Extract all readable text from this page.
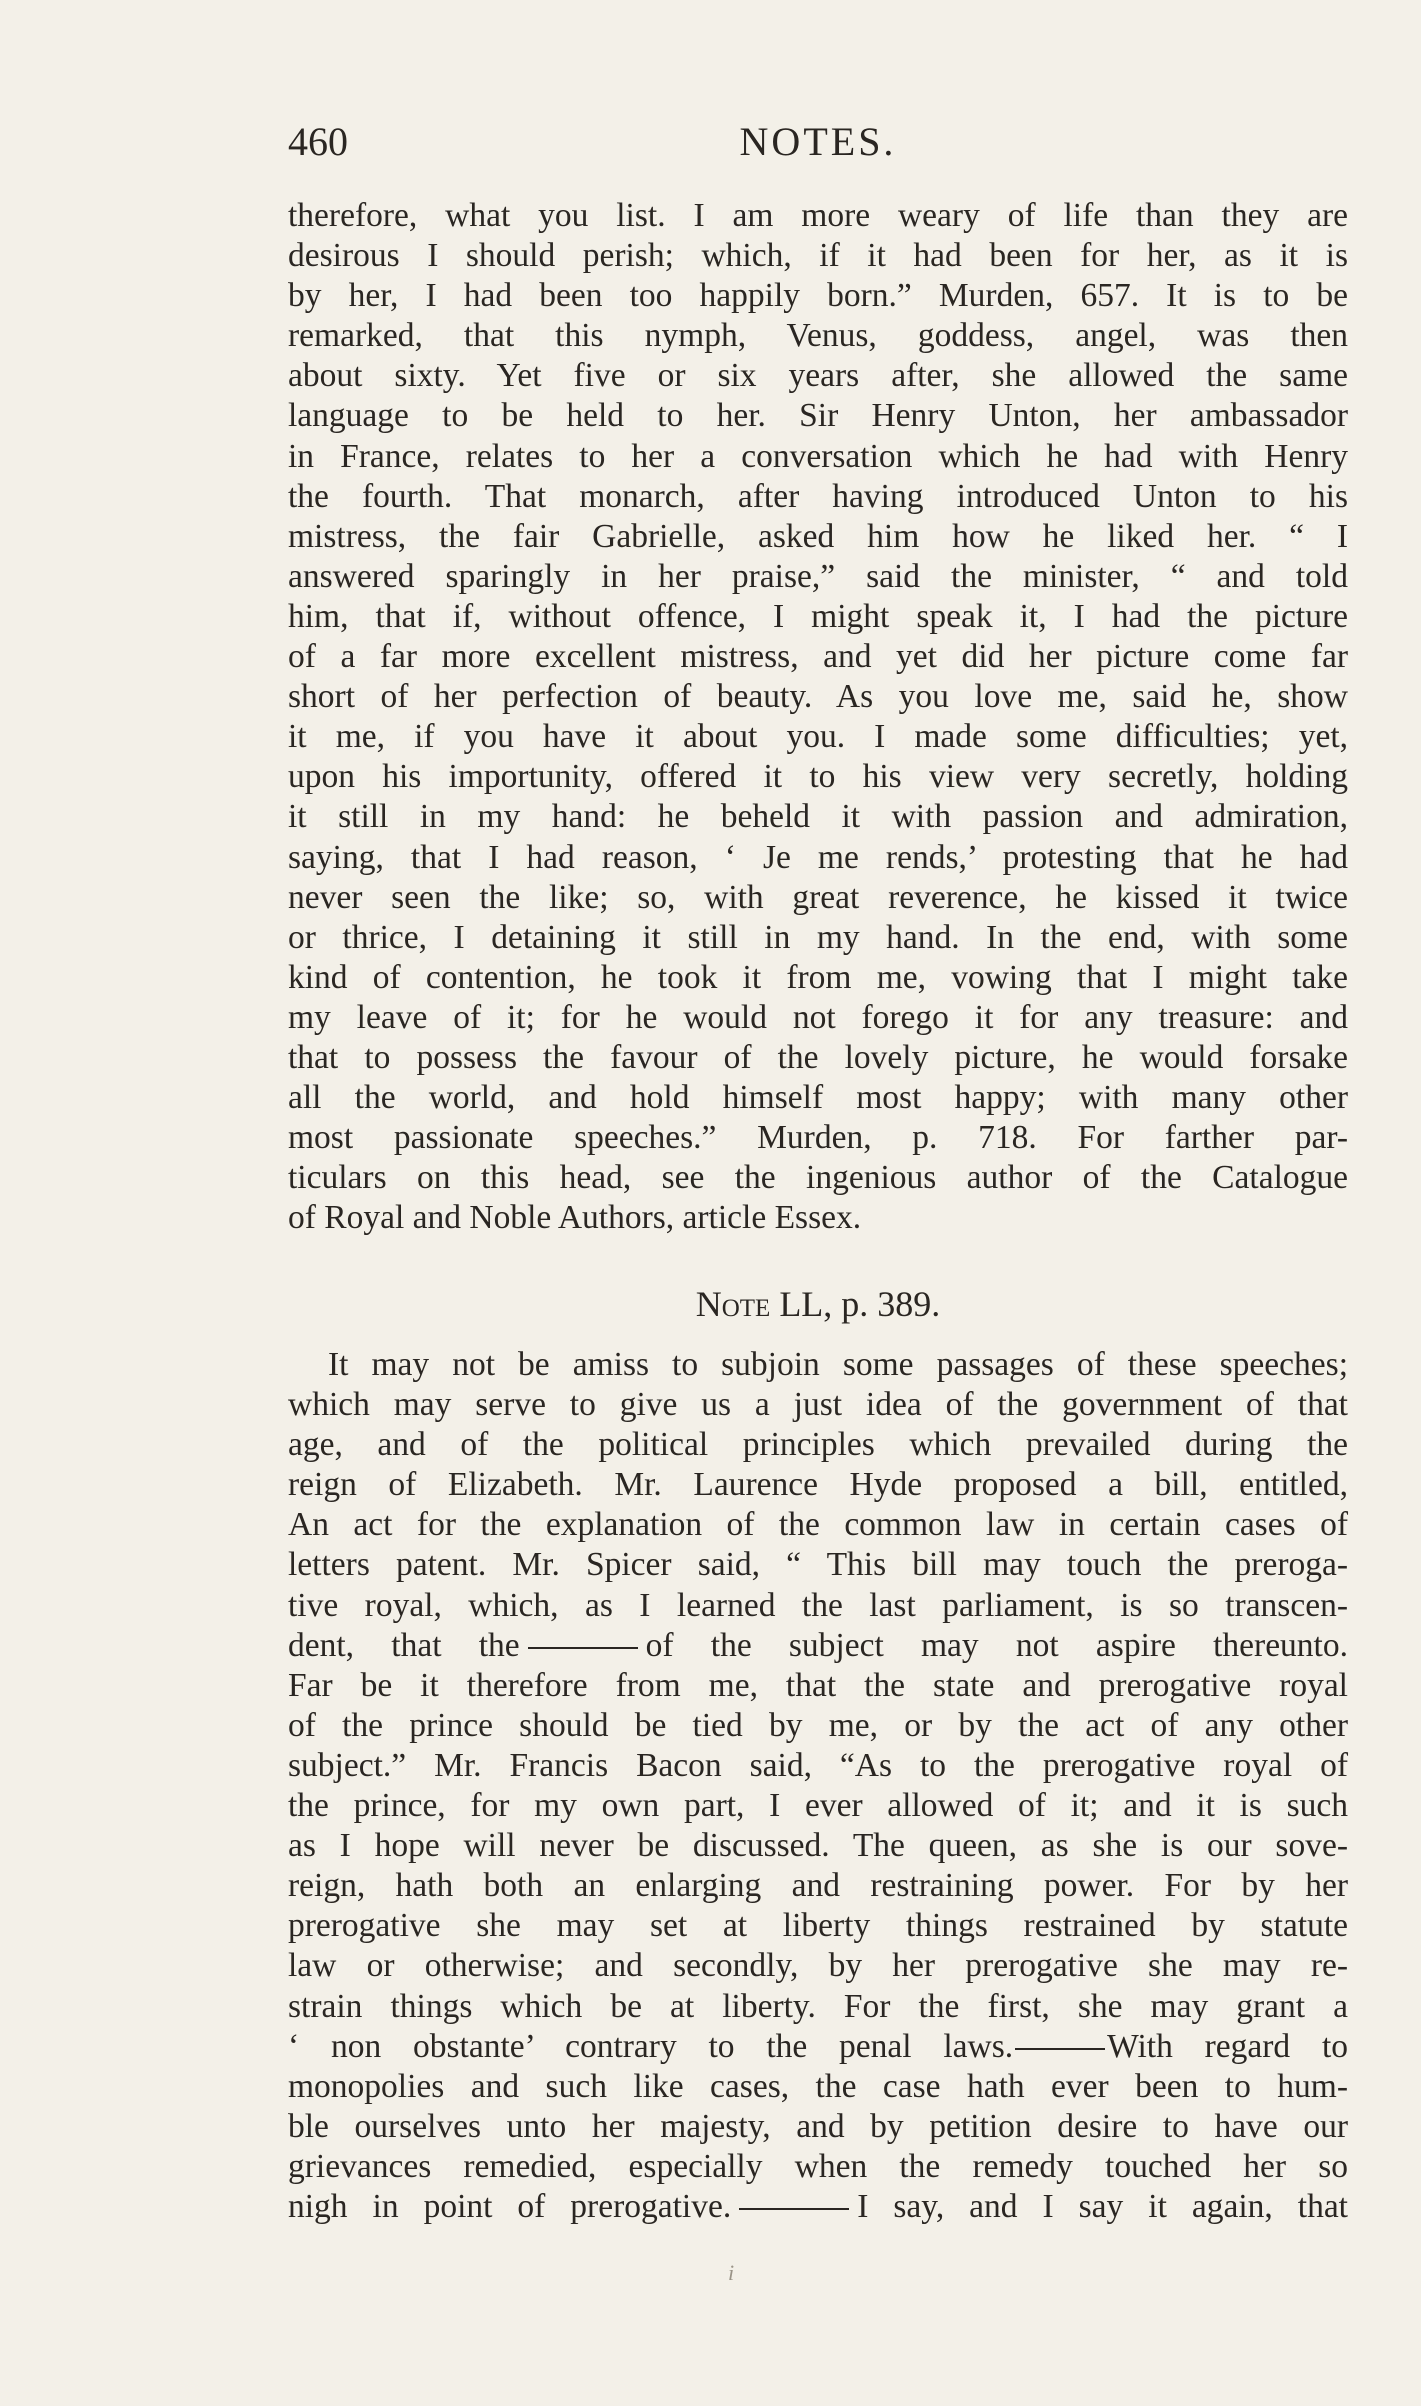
460	NOTES.
therefore, what you list. I am more weary of life than they are
desirous I should perish; which, if it had been for her, as it is
by her, I had been too happily born.” Murden, 657. It is to be
remarked, that this nymph, Venus, goddess, angel, was then
about sixty. Yet five or six years after, she allowed the same
language to be held to her. Sir Henry Unton, her ambassador
in France, relates to her a conversation which he had with Henry
the fourth. That monarch, after having introduced Unton to his
mistress, the fair Gabrielle, asked him how he liked her. “ I
answered sparingly in her praise,” said the minister, “ and told
him, that if, without offence, I might speak it, I had the picture
of a far more excellent mistress, and yet did her picture come far
short of her perfection of beauty. As you love me, said he, show
it me, if you have it about you. I made some difficulties; yet,
upon his importunity, offered it to his view very secretly, holding
it still in my hand: he beheld it with passion and admiration,
saying, that I had reason, ‘ Je me rends,’ protesting that he had
never seen the like; so, with great reverence, he kissed it twice
or thrice, I detaining it still in my hand. In the end, with some
kind of contention, he took it from me, vowing that I might take
my leave of it; for he would not forego it for any treasure: and
that to possess the favour of the lovely picture, he would forsake
all the world, and hold himself most happy; with many other
most passionate speeches.” Murden, p. 718. For farther par-
ticulars on this head, see the ingenious author of the Catalogue
of Royal and Noble Authors, article Essex.
Note LL, p. 389.
It may not be amiss to subjoin some passages of these speeches;
which may serve to give us a just idea of the government of that
age, and of the political principles which prevailed during the
reign of Elizabeth. Mr. Laurence Hyde proposed a bill, entitled,
An act for the explanation of the common law in certain cases of
letters patent. Mr. Spicer said, “ This bill may touch the preroga-
tive royal, which, as I learned the last parliament, is so transcen-
dent, that the	of the subject may not aspire thereunto.
Far be it therefore from me, that the state and prerogative royal
of the prince should be tied by me, or by the act of any other
subject.” Mr. Francis Bacon said, “As to the prerogative royal of
the prince, for my own part, I ever allowed of it; and it is such
as I hope will never be discussed. The queen, as she is our sove-
reign, hath both an enlarging and restraining power. For by her
prerogative she may set at liberty things restrained by statute
law or otherwise; and secondly, by her prerogative she may re-
strain things which be at liberty. For the first, she may grant a
‘ non obstante’ contrary to the penal laws.	With regard to
monopolies and such like cases, the case hath ever been to hum-
ble ourselves unto her majesty, and by petition desire to have our
grievances remedied, especially when the remedy touched her so
nigh in point of prerogative.	I say, and I say it again, that
i
